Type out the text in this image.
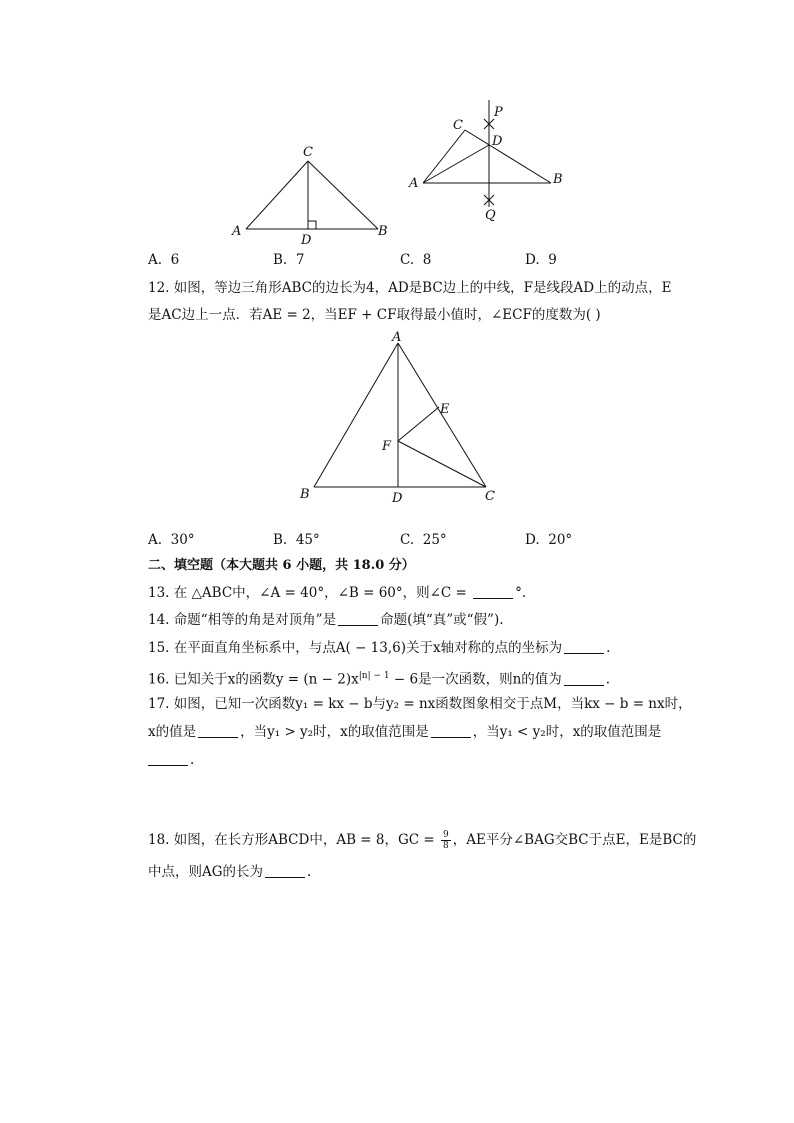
C
A	B
D
C
P
D
A	B
Q
A. 6	B. 7	C. 8	D. 9
12. 如图，等边三角形ABC的边长为4，AD是BC边上的中线，F是线段AD上的动点，E
是AC边上一点．若AE = 2，当EF + CF取得最小值时，∠ECF的度数为( )
A
E
F
B	D	C
A. 30°	B. 45°	C. 25°	D. 20°
二、填空题（本大题共 6 小题，共 18.0 分）
13. 在 △ABC中，∠A = 40°，∠B = 60°，则∠C =	°.
14. 命题“相等的角是对顶角”是	命题(填“真”或“假”).
15. 在平面直角坐标系中，与点A( − 13,6)关于x轴对称的点的坐标为	.
16. 已知关于x的函数$y = (n - 2)x^{|n| - 1} - 6$是一次函数，则n的值为	.
17. 如图，已知一次函数y₁ = kx − b与y₂ = nx函数图象相交于点M，当kx − b = nx时，
x的值是	，当y₁ > y₂时，x的取值范围是	，当y₁ < y₂时，x的取值范围是
.
18. 如图，在长方形ABCD中，AB = 8，GC = $\frac{9}{8}$ ，AE平分∠BAG交BC于点E，E是BC的
中点，则AG的长为	.
